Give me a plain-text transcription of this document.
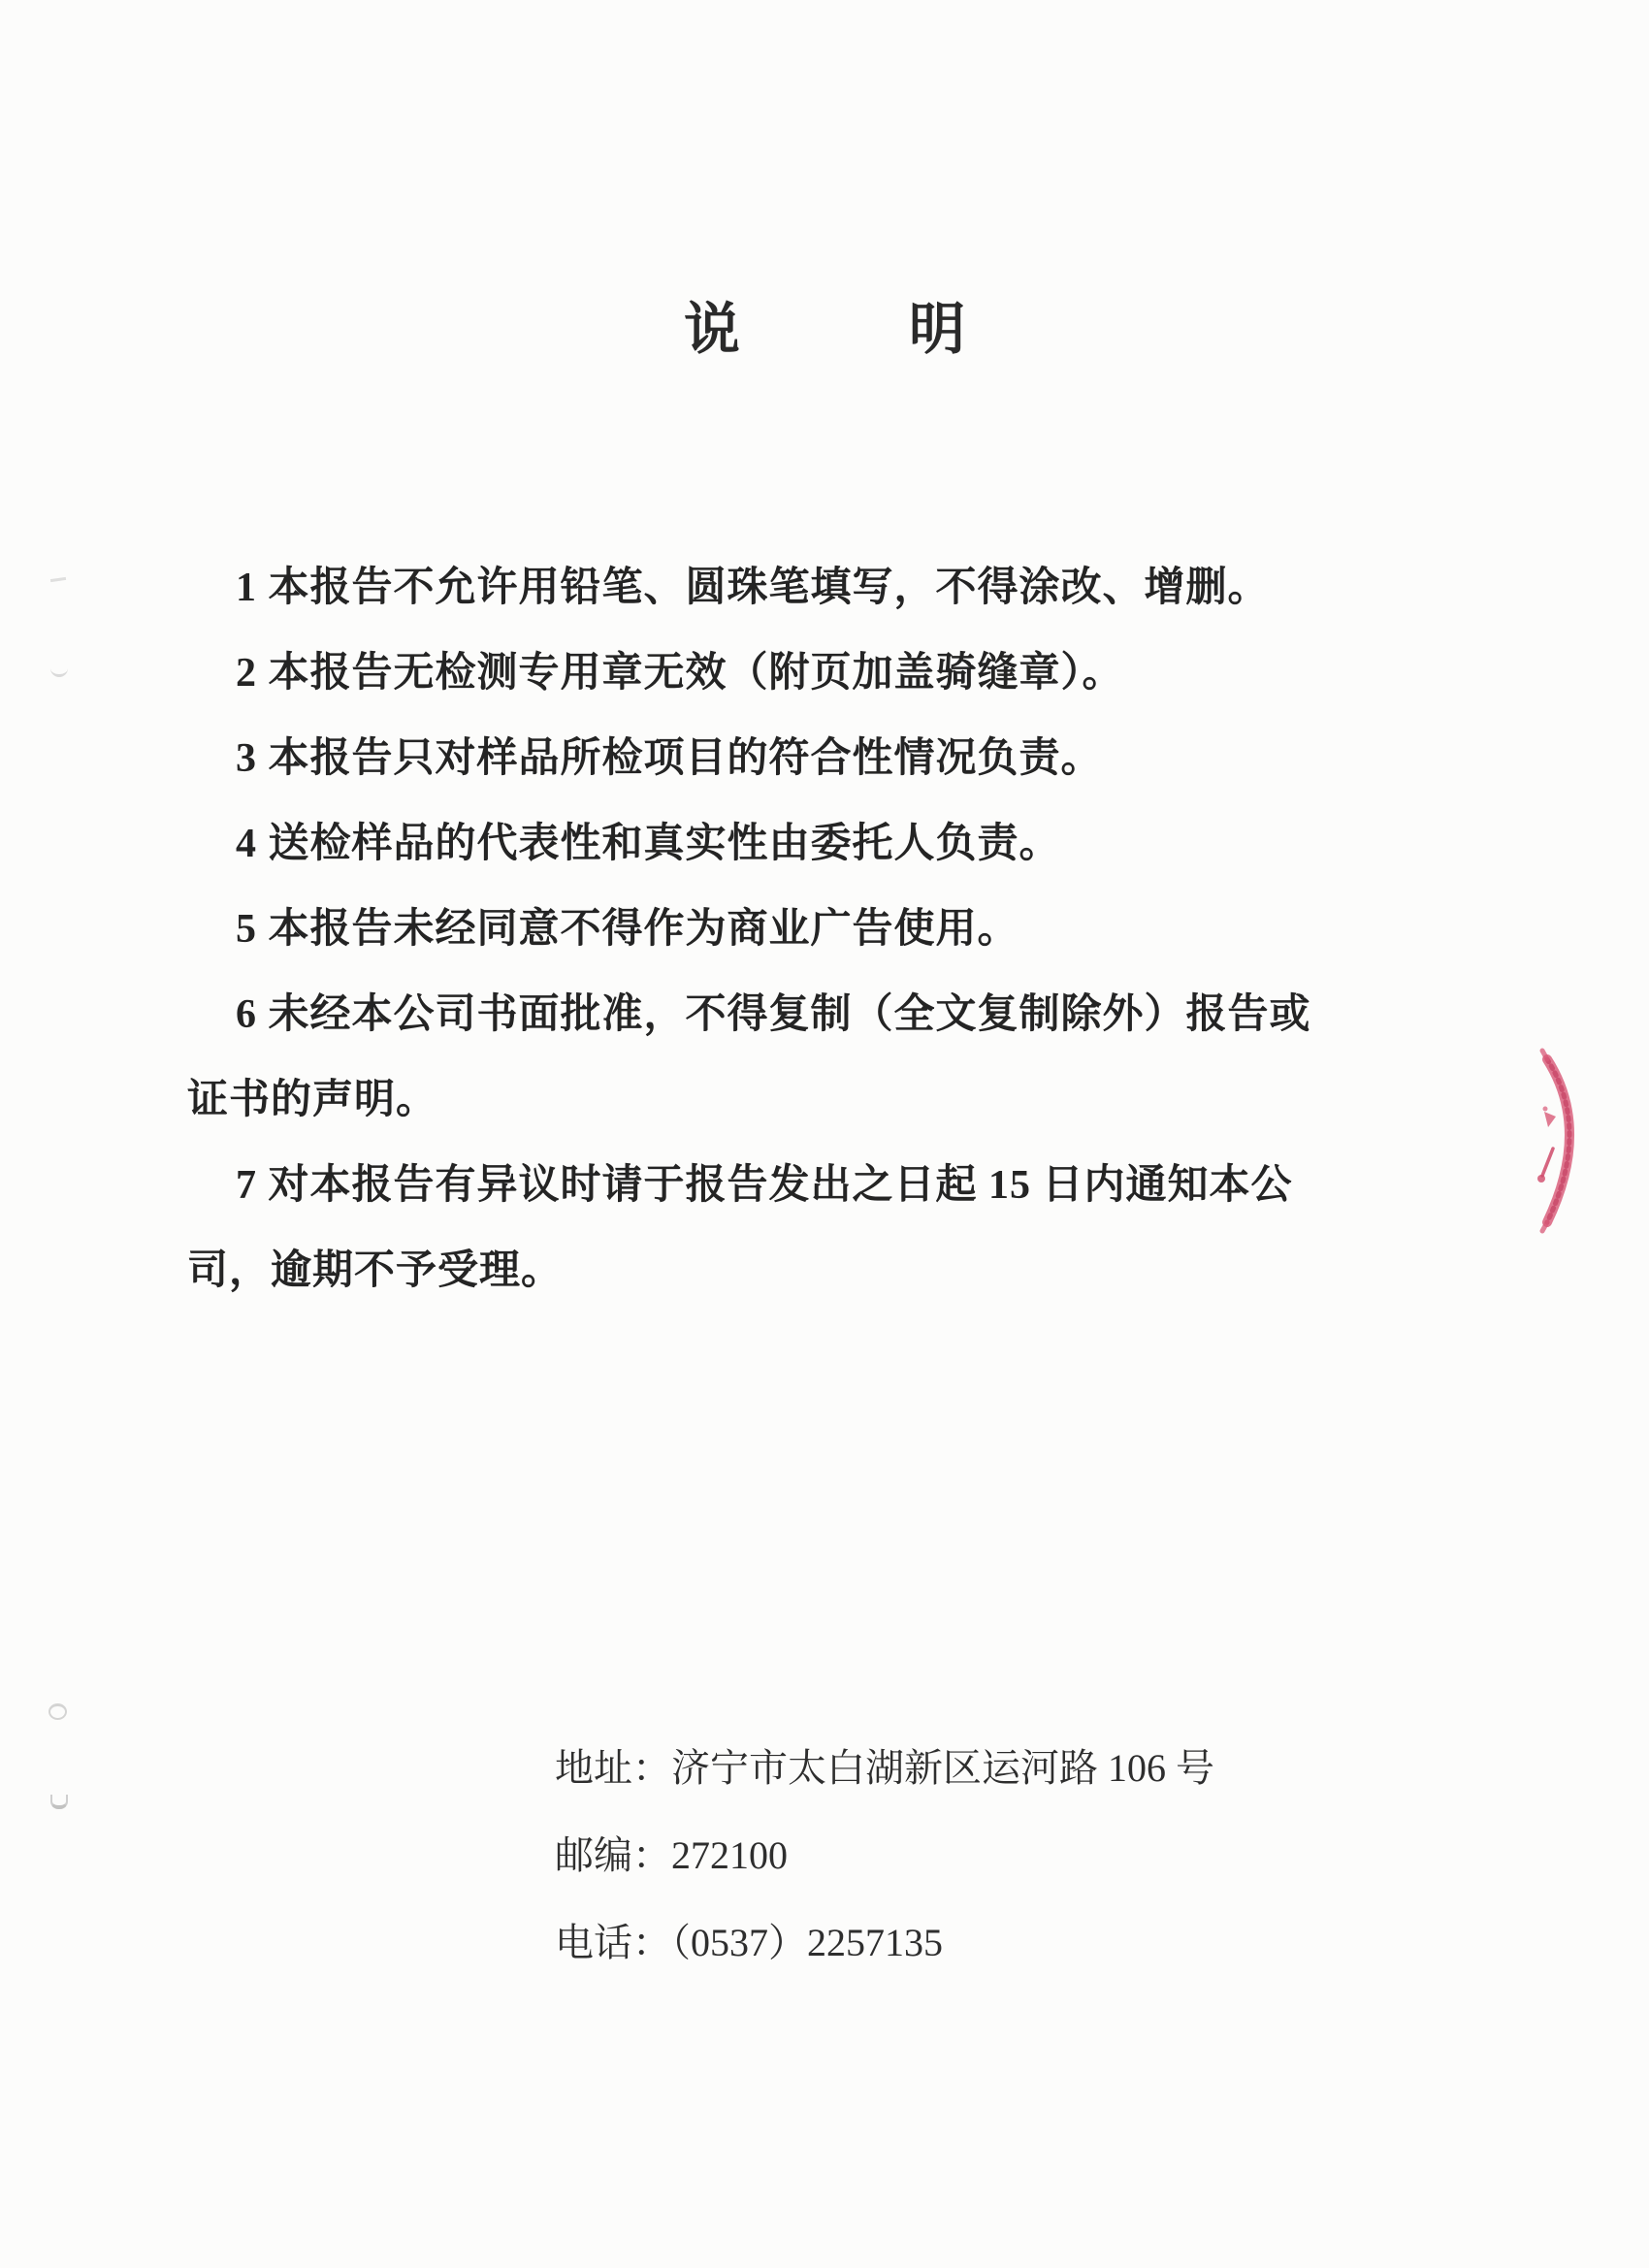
说　　　明

1 本报告不允许用铅笔、圆珠笔填写，不得涂改、增删。

2 本报告无检测专用章无效（附页加盖骑缝章）。

3 本报告只对样品所检项目的符合性情况负责。

4 送检样品的代表性和真实性由委托人负责。

5 本报告未经同意不得作为商业广告使用。

6 未经本公司书面批准，不得复制（全文复制除外）报告或

证书的声明。

7 对本报告有异议时请于报告发出之日起 15 日内通知本公

司，逾期不予受理。

地址：济宁市太白湖新区运河路 106 号

邮编：272100

电话：（0537）2257135
